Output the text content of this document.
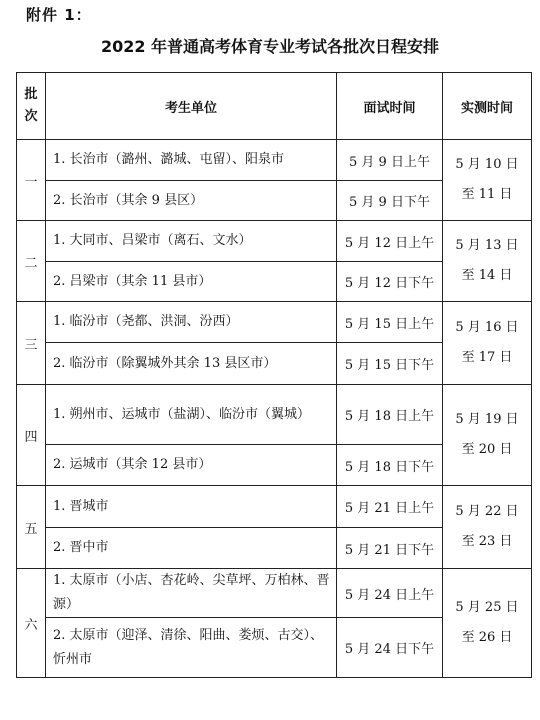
附件 1：
2022 年普通高考体育专业考试各批次日程安排
批
次	考生单位	面试时间	实测时间
一	1. 长治市（潞州、潞城、屯留）、阳泉市	5 月 9 日上午	5 月 10 日
至 11 日

	2. 长治市（其余 9 县区）	5 月 9 日下午	
二	1. 大同市、吕梁市（离石、文水）	5 月 12 日上午	5 月 13 日
至 14 日

	2. 吕梁市（其余 11 县市）	5 月 12 日下午	
三	1. 临汾市（尧都、洪洞、汾西）	5 月 15 日上午	5 月 16 日
至 17 日

	2. 临汾市（除翼城外其余 13 县区市）	5 月 15 日下午	
四	1. 朔州市、运城市（盐湖）、临汾市（翼城）	5 月 18 日上午	5 月 19 日
至 20 日

	2. 运城市（其余 12 县市）	5 月 18 日下午	
五	1. 晋城市	5 月 21 日上午	5 月 22 日
至 23 日

	2. 晋中市	5 月 21 日下午	
六	1. 太原市（小店、杏花岭、尖草坪、万柏林、晋源）	5 月 24 日上午	5 月 25 日
至 26 日

	2. 太原市（迎泽、清徐、阳曲、娄烦、古交）、忻州市	5 月 24 日下午	
